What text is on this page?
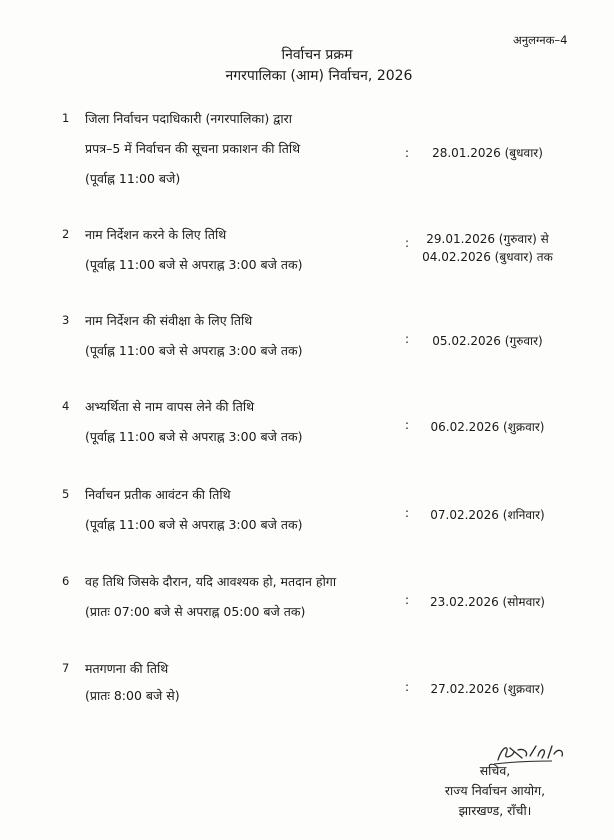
अनुलग्नक–4
निर्वाचन प्रक्रम
नगरपालिका (आम) निर्वाचन, 2026
1 जिला निर्वाचन पदाधिकारी (नगरपालिका) द्वारा
प्रपत्र–5 में निर्वाचन की सूचना प्रकाशन की तिथि
(पूर्वाह्न 11:00 बजे)
:	28.01.2026 (बुधवार)
2 नाम निर्देशन करने के लिए तिथि
(पूर्वाह्न 11:00 बजे से अपराह्न 3:00 बजे तक)
:	29.01.2026 (गुरुवार) से
04.02.2026 (बुधवार) तक
3 नाम निर्देशन की संवीक्षा के लिए तिथि
(पूर्वाह्न 11:00 बजे से अपराह्न 3:00 बजे तक)
:	05.02.2026 (गुरुवार)
4 अभ्यर्थिता से नाम वापस लेने की तिथि
(पूर्वाह्न 11:00 बजे से अपराह्न 3:00 बजे तक)
:	06.02.2026 (शुक्रवार)
5 निर्वाचन प्रतीक आवंटन की तिथि
(पूर्वाह्न 11:00 बजे से अपराह्न 3:00 बजे तक)
:	07.02.2026 (शनिवार)
6 वह तिथि जिसके दौरान, यदि आवश्यक हो, मतदान होगा
(प्रातः 07:00 बजे से अपराह्न 05:00 बजे तक)
:	23.02.2026 (सोमवार)
7 मतगणना की तिथि
(प्रातः 8:00 बजे से)
:	27.02.2026 (शुक्रवार)
सचिव,
राज्य निर्वाचन आयोग,
झारखण्ड, राँची।
